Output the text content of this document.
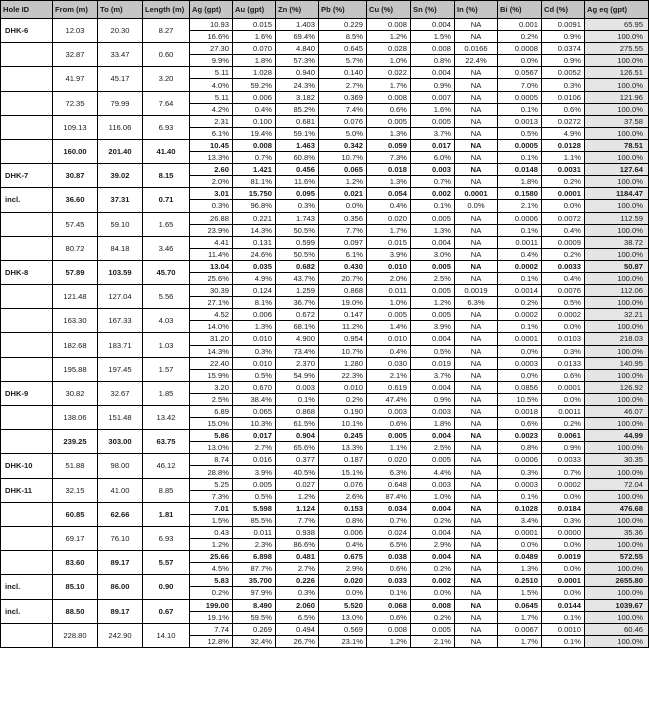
Hole ID	From (m)	To (m)	Length (m)	Ag (gpt)	Au (gpt)	Zn (%)	Pb (%)	Cu (%)	Sn (%)	In (%)	Bi (%)	Cd (%)	Ag eq (gpt)
DHK-6	12.03	20.30	8.27	10.93	0.015	1.403	0.229	0.008	0.004	NA	0.001	0.0091	65.95
				16.6%	1.6%	69.4%	8.5%	1.2%	1.5%	NA	0.2%	0.9%	100.0%
	32.87	33.47	0.60	27.30	0.070	4.840	0.645	0.028	0.008	0.0166	0.0008	0.0374	275.55
				9.9%	1.8%	57.3%	5.7%	1.0%	0.8%	22.4%	0.0%	0.9%	100.0%
	41.97	45.17	3.20	5.11	1.028	0.940	0.140	0.022	0.004	NA	0.0567	0.0052	126.51
				4.0%	59.2%	24.3%	2.7%	1.7%	0.9%	NA	7.0%	0.3%	100.0%
	72.35	79.99	7.64	5.11	0.006	3.182	0.369	0.008	0.007	NA	0.0005	0.0106	121.96
				4.2%	0.4%	85.2%	7.4%	0.6%	1.6%	NA	0.1%	0.6%	100.0%
	109.13	116.06	6.93	2.31	0.100	0.681	0.076	0.005	0.005	NA	0.0013	0.0272	37.58
				6.1%	19.4%	59.1%	5.0%	1.3%	3.7%	NA	0.5%	4.9%	100.0%
	160.00	201.40	41.40	10.45	0.008	1.463	0.342	0.059	0.017	NA	0.0005	0.0128	78.51
				13.3%	0.7%	60.8%	10.7%	7.3%	6.0%	NA	0.1%	1.1%	100.0%
DHK-7	30.87	39.02	8.15	2.60	1.421	0.456	0.065	0.018	0.003	NA	0.0148	0.0031	127.64
				2.0%	81.1%	11.6%	1.2%	1.3%	0.7%	NA	1.8%	0.2%	100.0%
incl.	36.60	37.31	0.71	3.01	15.750	0.095	0.021	0.054	0.002	0.0001	0.1580	0.0001	1184.47
				0.3%	96.8%	0.3%	0.0%	0.4%	0.1%	0.0%	2.1%	0.0%	100.0%
	57.45	59.10	1.65	26.88	0.221	1.743	0.356	0.020	0.005	NA	0.0006	0.0072	112.59
				23.9%	14.3%	50.5%	7.7%	1.7%	1.3%	NA	0.1%	0.4%	100.0%
	80.72	84.18	3.46	4.41	0.131	0.599	0.097	0.015	0.004	NA	0.0011	0.0009	38.72
				11.4%	24.6%	50.5%	6.1%	3.9%	3.0%	NA	0.4%	0.2%	100.0%
DHK-8	57.89	103.59	45.70	13.04	0.035	0.682	0.430	0.010	0.005	NA	0.0002	0.0033	50.87
				25.6%	4.9%	43.7%	20.7%	2.0%	2.5%	NA	0.1%	0.4%	100.0%
	121.48	127.04	5.56	30.39	0.124	1.259	0.868	0.011	0.005	0.0019	0.0014	0.0076	112.06
				27.1%	8.1%	36.7%	19.0%	1.0%	1.2%	6.3%	0.2%	0.5%	100.0%
	163.30	167.33	4.03	4.52	0.006	0.672	0.147	0.005	0.005	NA	0.0002	0.0002	32.21
				14.0%	1.3%	68.1%	11.2%	1.4%	3.9%	NA	0.1%	0.0%	100.0%
	182.68	183.71	1.03	31.20	0.010	4.900	0.954	0.010	0.004	NA	0.0001	0.0103	218.03
				14.3%	0.3%	73.4%	10.7%	0.4%	0.5%	NA	0.0%	0.3%	100.0%
	195.88	197.45	1.57	22.40	0.010	2.370	1.280	0.030	0.019	NA	0.0003	0.0133	140.95
				15.9%	0.5%	54.9%	22.3%	2.1%	3.7%	NA	0.0%	0.6%	100.0%
DHK-9	30.82	32.67	1.85	3.20	0.670	0.003	0.010	0.619	0.004	NA	0.0856	0.0001	126.92
				2.5%	38.4%	0.1%	0.2%	47.4%	0.9%	NA	10.5%	0.0%	100.0%
	138.06	151.48	13.42	6.89	0.065	0.868	0.190	0.003	0.003	NA	0.0018	0.0011	46.07
				15.0%	10.3%	61.5%	10.1%	0.6%	1.8%	NA	0.6%	0.2%	100.0%
	239.25	303.00	63.75	5.86	0.017	0.904	0.245	0.005	0.004	NA	0.0023	0.0061	44.99
				13.0%	2.7%	65.6%	13.3%	1.1%	2.5%	NA	0.8%	0.9%	100.0%
DHK-10	51.88	98.00	46.12	8.74	0.016	0.377	0.187	0.020	0.005	NA	0.0006	0.0033	30.35
				28.8%	3.9%	40.5%	15.1%	6.3%	4.4%	NA	0.3%	0.7%	100.0%
DHK-11	32.15	41.00	8.85	5.25	0.005	0.027	0.076	0.648	0.003	NA	0.0003	0.0002	72.04
				7.3%	0.5%	1.2%	2.6%	87.4%	1.0%	NA	0.1%	0.0%	100.0%
	60.85	62.66	1.81	7.01	5.598	1.124	0.153	0.034	0.004	NA	0.1028	0.0184	476.68
				1.5%	85.5%	7.7%	0.8%	0.7%	0.2%	NA	3.4%	0.3%	100.0%
	69.17	76.10	6.93	0.43	0.011	0.938	0.006	0.024	0.004	NA	0.0001	0.0000	35.36
				1.2%	2.3%	86.6%	0.4%	6.5%	2.9%	NA	0.0%	0.0%	100.0%
	83.60	89.17	5.57	25.66	6.898	0.481	0.675	0.038	0.004	NA	0.0489	0.0019	572.55
				4.5%	87.7%	2.7%	2.9%	0.6%	0.2%	NA	1.3%	0.0%	100.0%
incl.	85.10	86.00	0.90	5.83	35.700	0.226	0.020	0.033	0.002	NA	0.2510	0.0001	2655.80
				0.2%	97.9%	0.3%	0.0%	0.1%	0.0%	NA	1.5%	0.0%	100.0%
incl.	88.50	89.17	0.67	199.00	8.490	2.060	5.520	0.068	0.008	NA	0.0645	0.0144	1039.67
				19.1%	59.5%	6.5%	13.0%	0.6%	0.2%	NA	1.7%	0.1%	100.0%
	228.80	242.90	14.10	7.74	0.269	0.494	0.569	0.008	0.005	NA	0.0067	0.0010	60.46
				12.8%	32.4%	26.7%	23.1%	1.2%	2.1%	NA	1.7%	0.1%	100.0%
